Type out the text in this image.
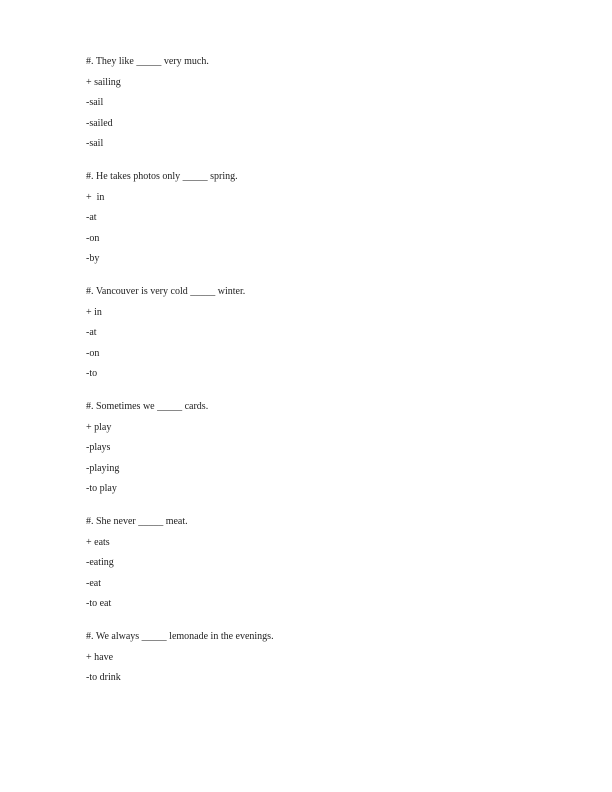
#. They like _____ very much.
+ sailing
-sail
-sailed
-sail
#. He takes photos only _____ spring.
+  in
-at
-on
-by
#. Vancouver is very cold _____ winter.
+ in
-at
-on
-to
#. Sometimes we _____ cards.
+ play
-plays
-playing
-to play
#. She never _____ meat.
+ eats
-eating
-eat
-to eat
#. We always _____ lemonade in the evenings.
+ have
-to drink
